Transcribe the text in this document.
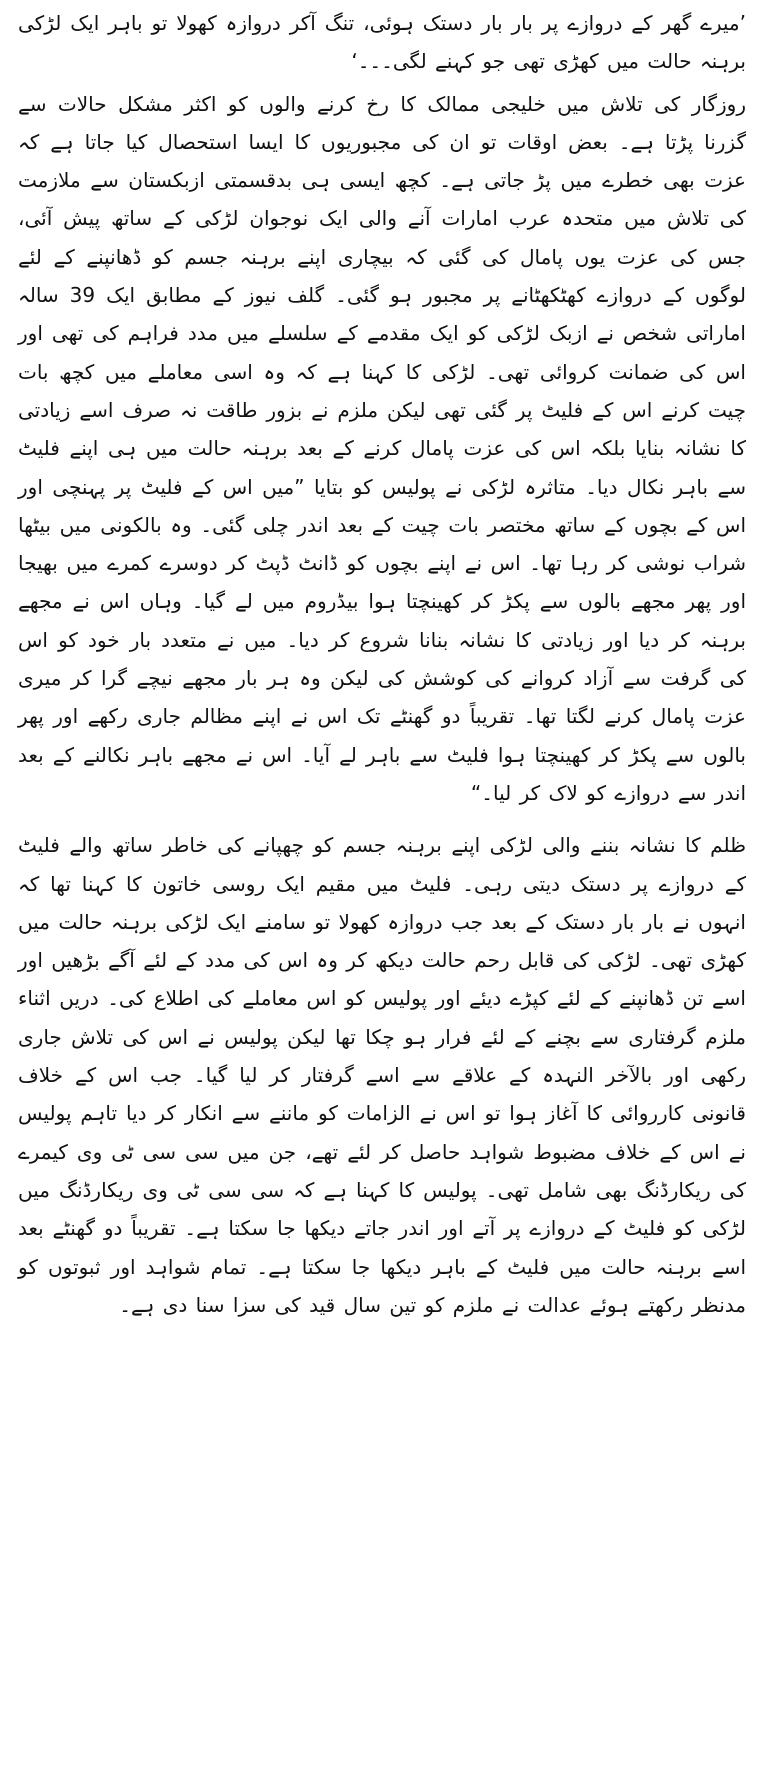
’میرے گھر کے دروازے پر بار بار دستک ہوئی، تنگ آکر دروازہ کھولا تو باہر ایک لڑکی برہنہ حالت میں کھڑی تھی جو کہنے لگی۔۔۔‘

روزگار کی تلاش میں خلیجی ممالک کا رخ کرنے والوں کو اکثر مشکل حالات سے گزرنا پڑتا ہے۔ بعض اوقات تو ان کی مجبوریوں کا ایسا استحصال کیا جاتا ہے کہ عزت بھی خطرے میں پڑ جاتی ہے۔ کچھ ایسی ہی بدقسمتی ازبکستان سے ملازمت کی تلاش میں متحدہ عرب امارات آنے والی ایک نوجوان لڑکی کے ساتھ پیش آئی، جس کی عزت یوں پامال کی گئی کہ بیچاری اپنے برہنہ جسم کو ڈھانپنے کے لئے لوگوں کے دروازے کھٹکھٹانے پر مجبور ہو گئی۔ گلف نیوز کے مطابق ایک 39 سالہ اماراتی شخص نے ازبک لڑکی کو ایک مقدمے کے سلسلے میں مدد فراہم کی تھی اور اس کی ضمانت کروائی تھی۔ لڑکی کا کہنا ہے کہ وہ اسی معاملے میں کچھ بات چیت کرنے اس کے فلیٹ پر گئی تھی لیکن ملزم نے بزور طاقت نہ صرف اسے زیادتی کا نشانہ بنایا بلکہ اس کی عزت پامال کرنے کے بعد برہنہ حالت میں ہی اپنے فلیٹ سے باہر نکال دیا۔ متاثرہ لڑکی نے پولیس کو بتایا ”میں اس کے فلیٹ پر پہنچی اور اس کے بچوں کے ساتھ مختصر بات چیت کے بعد اندر چلی گئی۔ وہ بالکونی میں بیٹھا شراب نوشی کر رہا تھا۔ اس نے اپنے بچوں کو ڈانٹ ڈپٹ کر دوسرے کمرے میں بھیجا اور پھر مجھے بالوں سے پکڑ کر کھینچتا ہوا بیڈروم میں لے گیا۔ وہاں اس نے مجھے برہنہ کر دیا اور زیادتی کا نشانہ بنانا شروع کر دیا۔ میں نے متعدد بار خود کو اس کی گرفت سے آزاد کروانے کی کوشش کی لیکن وہ ہر بار مجھے نیچے گرا کر میری عزت پامال کرنے لگتا تھا۔ تقریباً دو گھنٹے تک اس نے اپنے مظالم جاری رکھے اور پھر بالوں سے پکڑ کر کھینچتا ہوا فلیٹ سے باہر لے آیا۔ اس نے مجھے باہر نکالنے کے بعد اندر سے دروازے کو لاک کر لیا۔“

ظلم کا نشانہ بننے والی لڑکی اپنے برہنہ جسم کو چھپانے کی خاطر ساتھ والے فلیٹ کے دروازے پر دستک دیتی رہی۔ فلیٹ میں مقیم ایک روسی خاتون کا کہنا تھا کہ انہوں نے بار بار دستک کے بعد جب دروازہ کھولا تو سامنے ایک لڑکی برہنہ حالت میں کھڑی تھی۔ لڑکی کی قابل رحم حالت دیکھ کر وہ اس کی مدد کے لئے آگے بڑھیں اور اسے تن ڈھانپنے کے لئے کپڑے دیئے اور پولیس کو اس معاملے کی اطلاع کی۔ دریں اثناء ملزم گرفتاری سے بچنے کے لئے فرار ہو چکا تھا لیکن پولیس نے اس کی تلاش جاری رکھی اور بالآخر النہدہ کے علاقے سے اسے گرفتار کر لیا گیا۔ جب اس کے خلاف قانونی کارروائی کا آغاز ہوا تو اس نے الزامات کو ماننے سے انکار کر دیا تاہم پولیس نے اس کے خلاف مضبوط شواہد حاصل کر لئے تھے، جن میں سی سی ٹی وی کیمرے کی ریکارڈنگ بھی شامل تھی۔ پولیس کا کہنا ہے کہ سی سی ٹی وی ریکارڈنگ میں لڑکی کو فلیٹ کے دروازے پر آتے اور اندر جاتے دیکھا جا سکتا ہے۔ تقریباً دو گھنٹے بعد اسے برہنہ حالت میں فلیٹ کے باہر دیکھا جا سکتا ہے۔ تمام شواہد اور ثبوتوں کو مدنظر رکھتے ہوئے عدالت نے ملزم کو تین سال قید کی سزا سنا دی ہے۔
